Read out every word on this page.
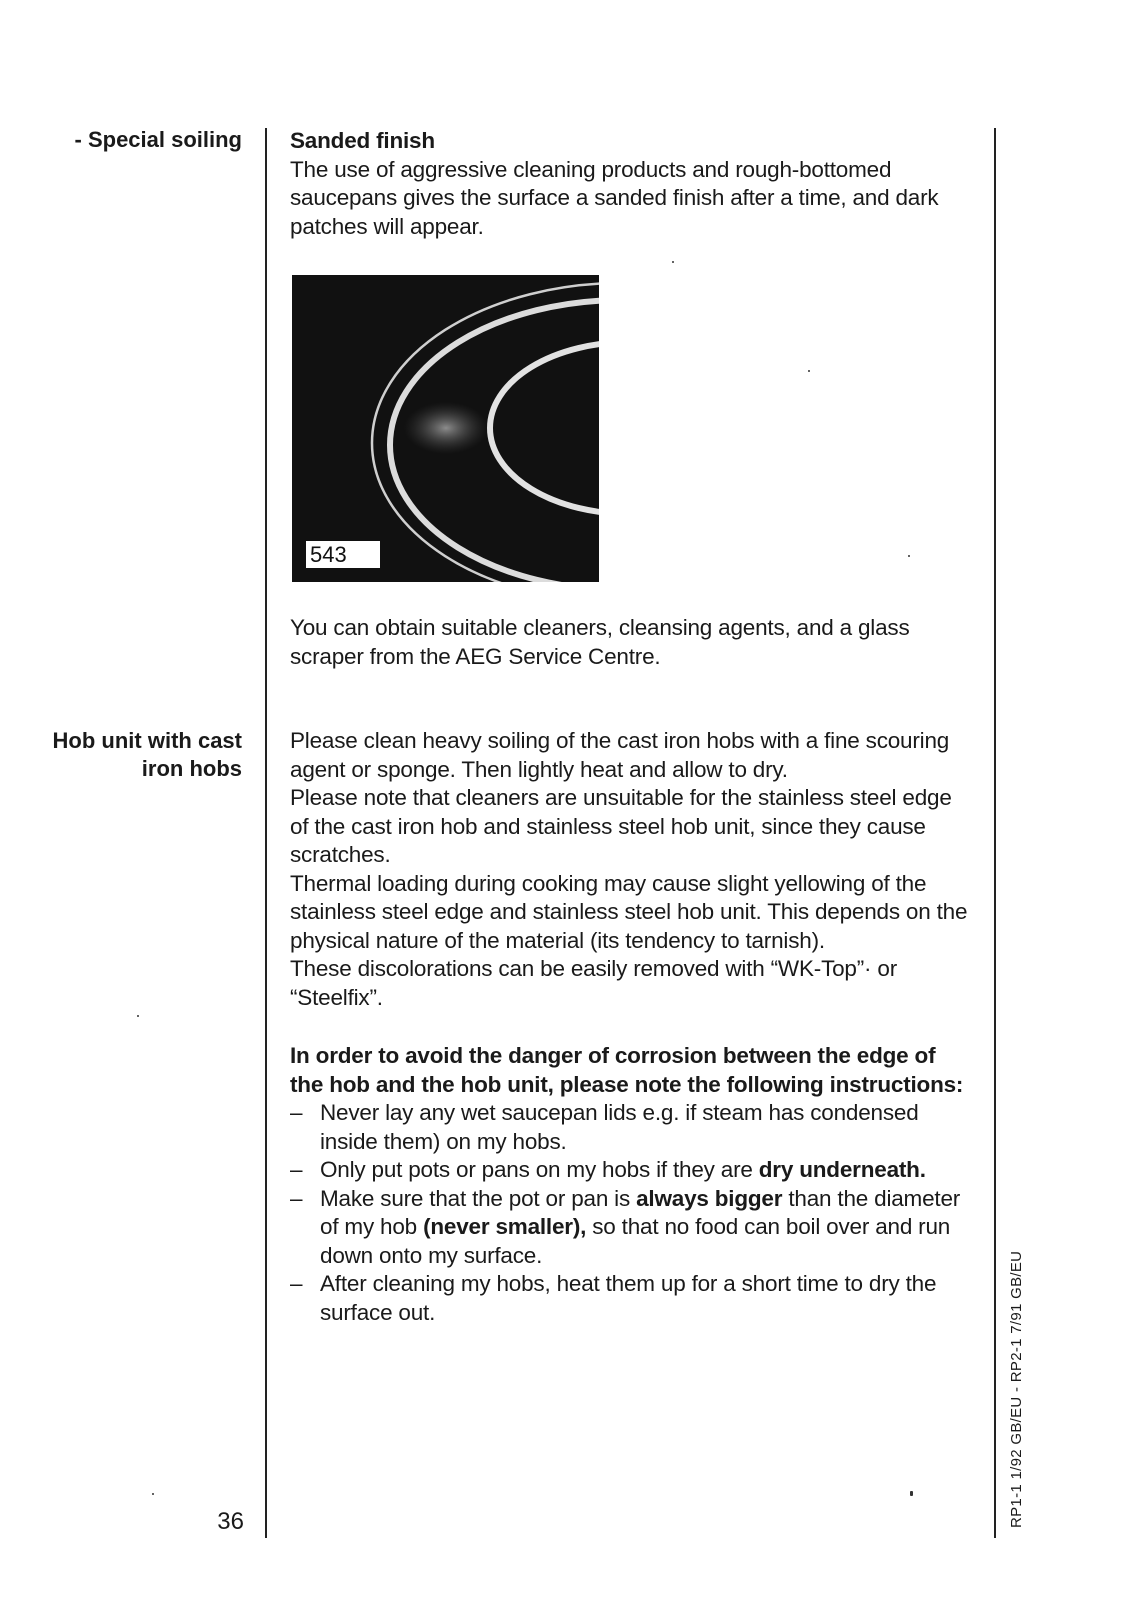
- Special soiling
Hob unit with cast iron hobs
Sanded finish
The use of aggressive cleaning products and rough-bottomed saucepans gives the surface a sanded finish after a time, and dark patches will appear.
543
You can obtain suitable cleaners, cleansing agents, and a glass scraper from the AEG Service Centre.
Please clean heavy soiling of the cast iron hobs with a fine scouring agent or sponge. Then lightly heat and allow to dry.
Please note that cleaners are unsuitable for the stainless steel edge of the cast iron hob and stainless steel hob unit, since they cause scratches.
Thermal loading during cooking may cause slight yellowing of the stainless steel edge and stainless steel hob unit. This depends on the physical nature of the material (its tendency to tarnish).
These discolorations can be easily removed with “WK-Top”· or “Steelfix”.
In order to avoid the danger of corrosion between the edge of the hob and the hob unit, please note the following instructions:
– Never lay any wet saucepan lids e.g. if steam has condensed inside them) on my hobs.
– Only put pots or pans on my hobs if they are dry underneath.
– Make sure that the pot or pan is always bigger than the diameter of my hob (never smaller), so that no food can boil over and run down onto my surface.
– After cleaning my hobs, heat them up for a short time to dry the surface out.
36	RP1-1 1/92 GB/EU - RP2-1 7/91 GB/EU
